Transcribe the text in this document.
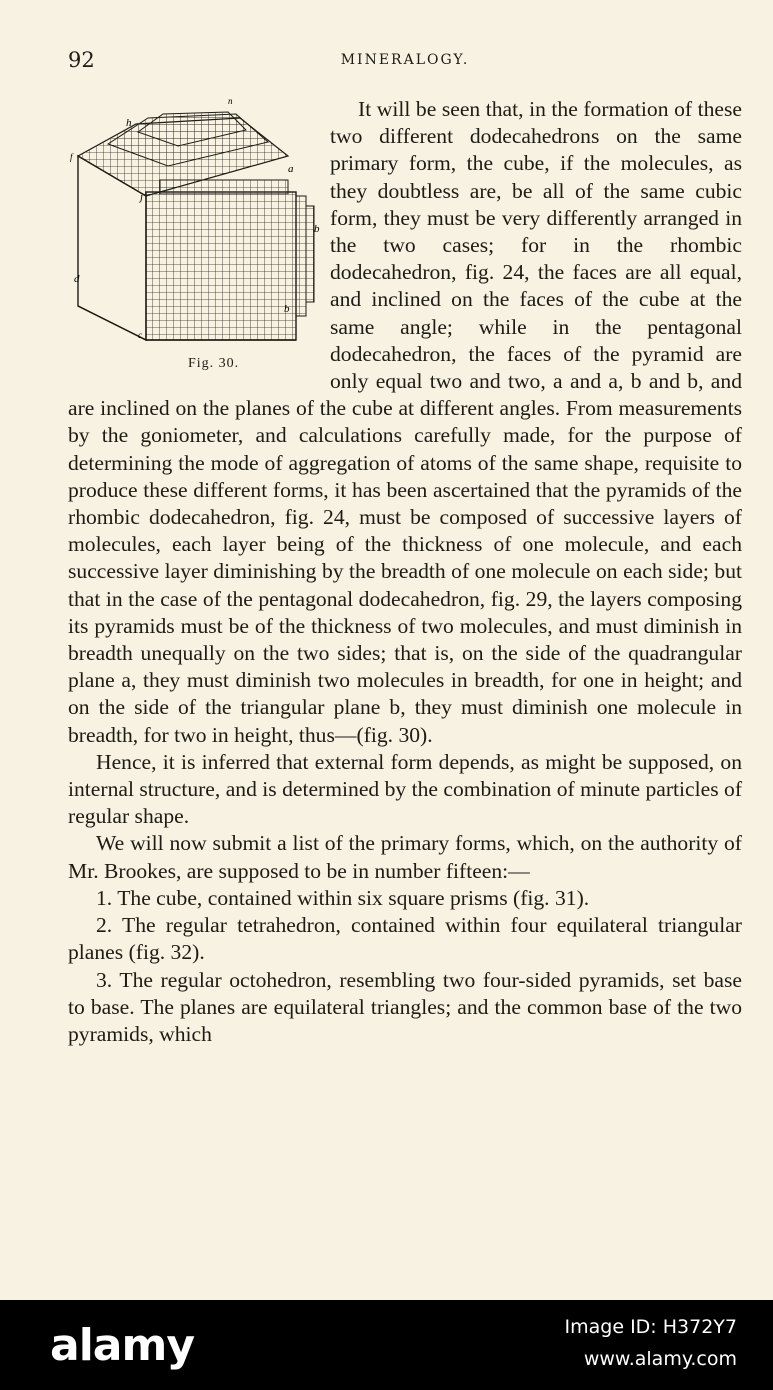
92	MINERALOGY.

n
h
f
a
j
b
d
c
b
Fig. 30.
It will be seen that, in the formation of these two different dodecahedrons on the same primary form, the cube, if the molecules, as they doubtless are, be all of the same cubic form, they must be very differently arranged in the two cases; for in the rhombic dodecahedron, fig. 24, the faces are all equal, and inclined on the faces of the cube at the same angle; while in the pentagonal dodecahedron, the faces of the pyramid are only equal two and two, a and a, b and b, and are inclined on the planes of the cube at different angles. From measurements by the goniometer, and calculations carefully made, for the purpose of determining the mode of aggregation of atoms of the same shape, requisite to produce these different forms, it has been ascertained that the pyramids of the rhombic dodecahedron, fig. 24, must be composed of successive layers of molecules, each layer being of the thickness of one molecule, and each successive layer diminishing by the breadth of one molecule on each side; but that in the case of the pentagonal dodecahedron, fig. 29, the layers composing its pyramids must be of the thickness of two molecules, and must diminish in breadth unequally on the two sides; that is, on the side of the quadrangular plane a, they must diminish two molecules in breadth, for one in height; and on the side of the triangular plane b, they must diminish one molecule in breadth, for two in height, thus—(fig. 30).

Hence, it is inferred that external form depends, as might be supposed, on internal structure, and is determined by the combination of minute particles of regular shape.

We will now submit a list of the primary forms, which, on the authority of Mr. Brookes, are supposed to be in number fifteen:—

1. The cube, contained within six square prisms (fig. 31).

2. The regular tetrahedron, contained within four equilateral triangular planes (fig. 32).

3. The regular octohedron, resembling two four-sided pyramids, set base to base. The planes are equilateral triangles; and the common base of the two pyramids, which

alamy	Image ID: H372Y7
www.alamy.com
